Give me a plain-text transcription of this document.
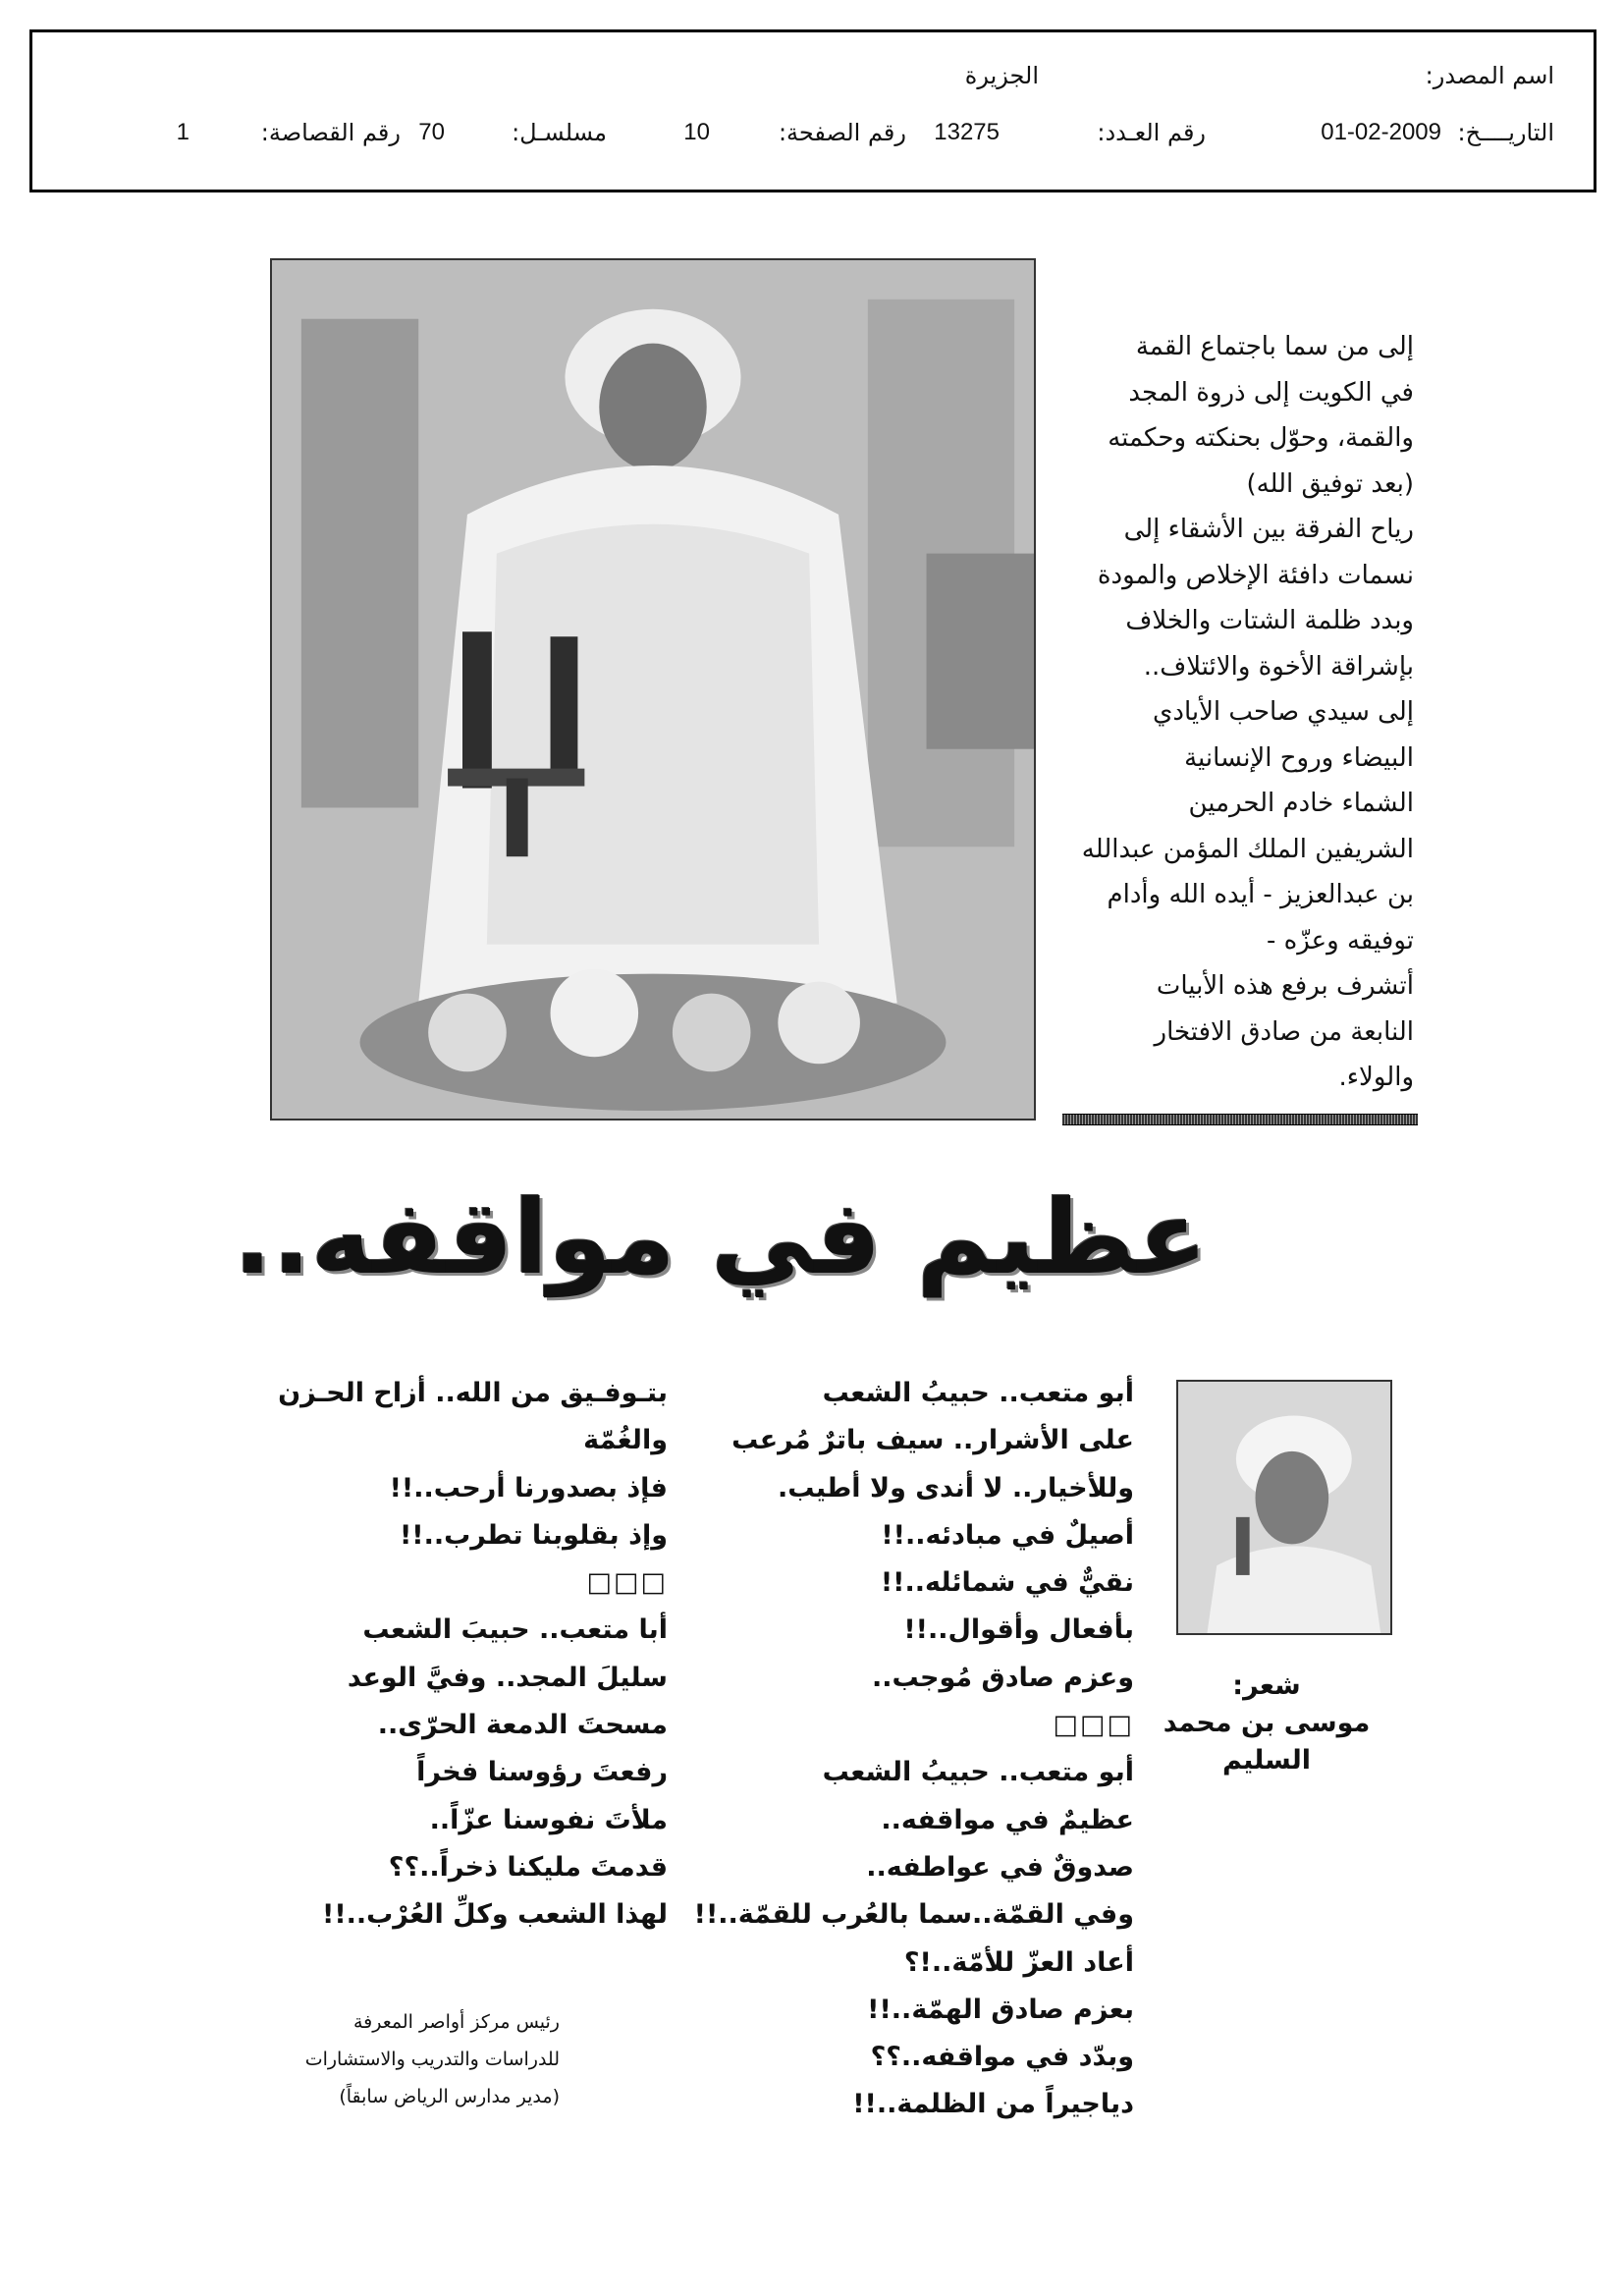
اسم المصدر:
الجزيرة
التاريــــخ:
01-02-2009
رقم العـدد:
13275
رقم الصفحة:
10
مسلسـل:
70
رقم القصاصة:
1
إلى من سما باجتماع القمة
في الكويت إلى ذروة المجد
والقمة، وحوّل بحنكته وحكمته
(بعد توفيق الله)
رياح الفرقة بين الأشقاء إلى
نسمات دافئة الإخلاص والمودة
وبدد ظلمة الشتات والخلاف
بإشراقة الأخوة والائتلاف..
إلى سيدي صاحب الأيادي
البيضاء وروح الإنسانية
الشماء خادم الحرمين
الشريفين الملك المؤمن عبدالله
بن عبدالعزيز - أيده الله وأدام
توفيقه وعزّه -
أتشرف برفع هذه الأبيات
النابعة من صادق الافتخار
والولاء.
عظيم في مواقفه..
شعر:
موسى بن محمد
السليم
أبو متعب.. حبيبُ الشعب
على الأشرار.. سيف باترٌ مُرعب
وللأخيار.. لا أندى ولا أطيب.
أصيلٌ في مبادئه..!!
نقيٌّ في شمائله..!!
بأفعال وأقوال..!!
وعزم صادق مُوجب..
□□□
أبو متعب.. حبيبُ الشعب
عظيمٌ في مواقفه..
صدوقٌ في عواطفه..
وفي القمّة..سما بالعُرب للقمّة..!!
أعاد العزّ للأمّة..!؟
بعزم صادق الهمّة..!!
وبدّد في مواقفه..؟؟
دياجيراً من الظلمة..!!
بتـوفـيق من الله.. أزاح الحـزن
والغُمّة
فإذ بصدورنا أرحب..!!
وإذ بقلوبنا تطرب..!!
□□□
أبا متعب.. حبيبَ الشعب
سليلَ المجد.. وفيَّ الوعد
مسحتَ الدمعة الحرّى..
رفعتَ رؤوسنا فخراً
ملأتَ نفوسنا عزّاً..
قدمتَ مليكنا ذخراً..؟؟
لهذا الشعب وكلِّ العُرْب..!!
رئيس مركز أواصر المعرفة
للدراسات والتدريب والاستشارات
(مدير مدارس الرياض سابقاً)
